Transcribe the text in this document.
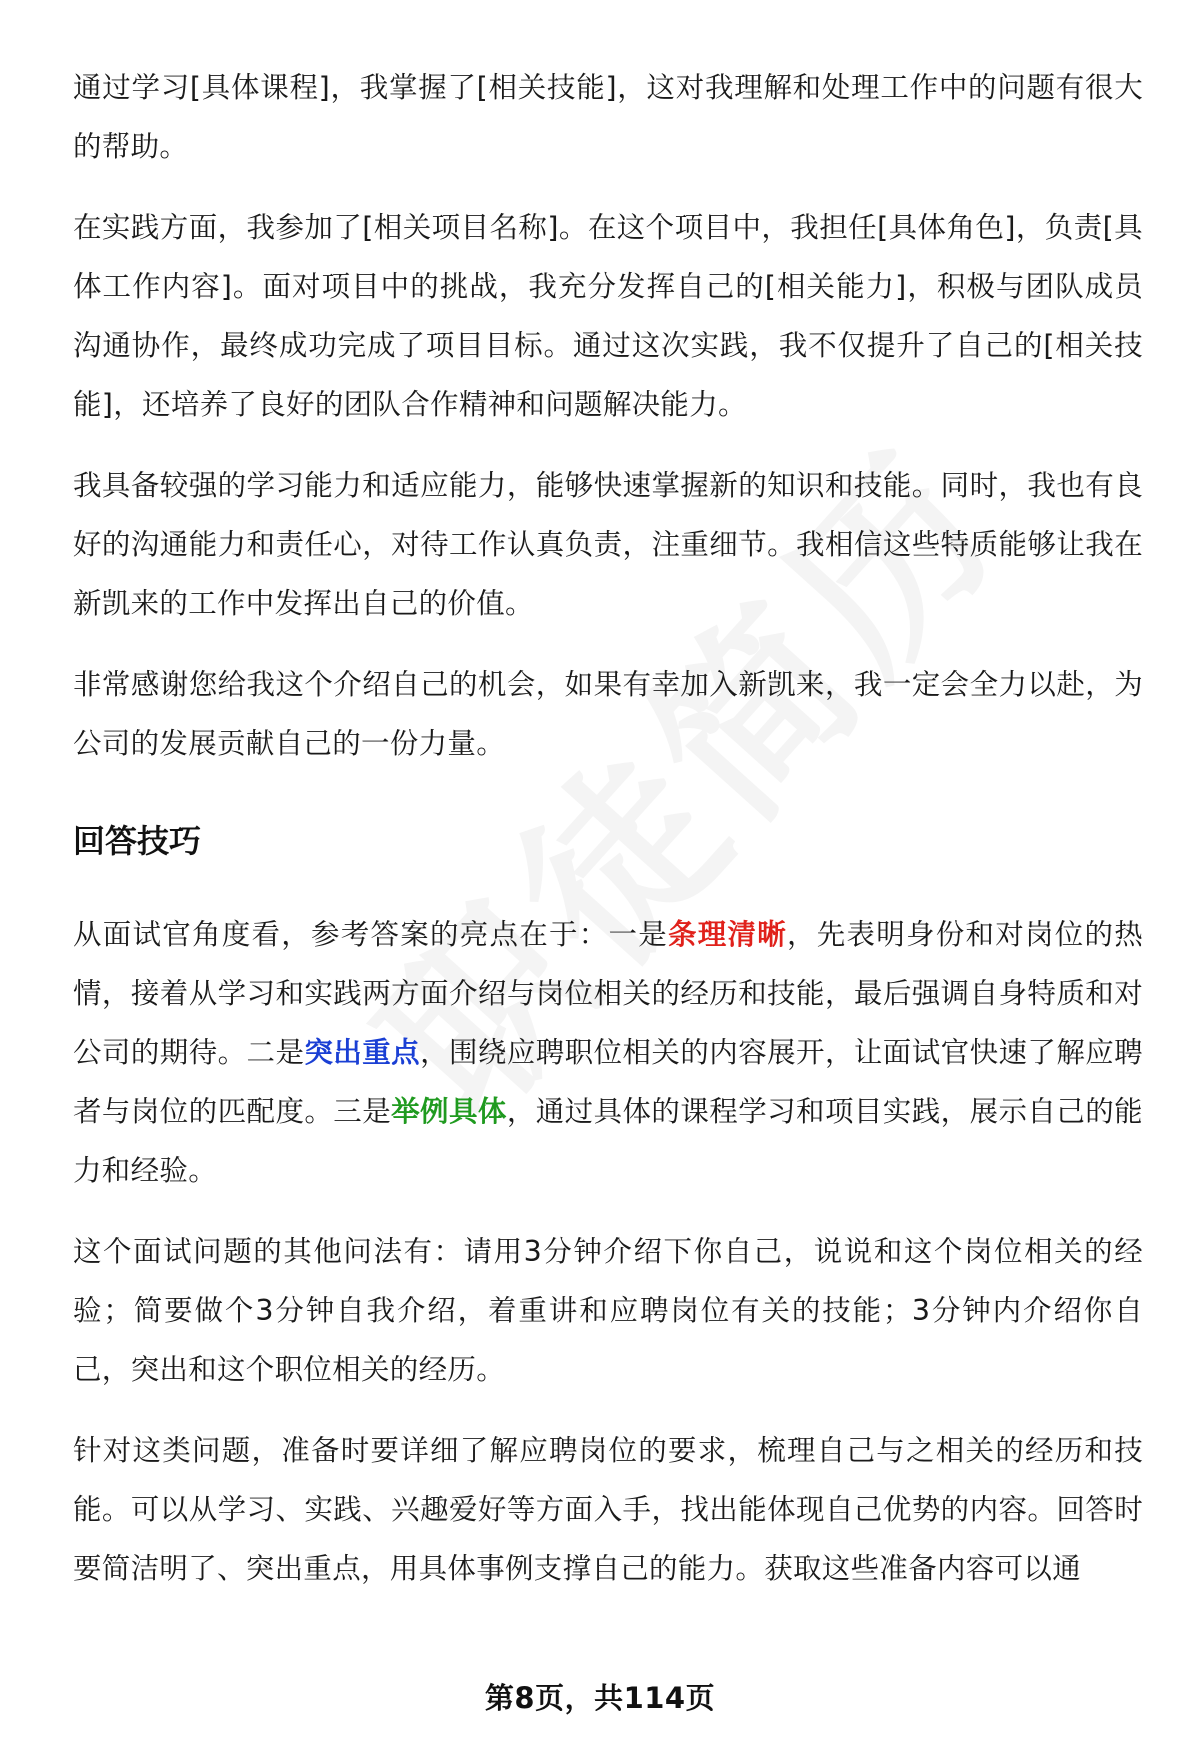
通过学习[具体课程]，我掌握了[相关技能]，这对我理解和处理工作中的问题有很大的帮助。

在实践方面，我参加了[相关项目名称]。在这个项目中，我担任[具体角色]，负责[具体工作内容]。面对项目中的挑战，我充分发挥自己的[相关能力]，积极与团队成员沟通协作，最终成功完成了项目目标。通过这次实践，我不仅提升了自己的[相关技能]，还培养了良好的团队合作精神和问题解决能力。

我具备较强的学习能力和适应能力，能够快速掌握新的知识和技能。同时，我也有良好的沟通能力和责任心，对待工作认真负责，注重细节。我相信这些特质能够让我在新凯来的工作中发挥出自己的价值。

非常感谢您给我这个介绍自己的机会，如果有幸加入新凯来，我一定会全力以赴，为公司的发展贡献自己的一份力量。

回答技巧

从面试官角度看，参考答案的亮点在于：一是条理清晰，先表明身份和对岗位的热情，接着从学习和实践两方面介绍与岗位相关的经历和技能，最后强调自身特质和对公司的期待。二是突出重点，围绕应聘职位相关的内容展开，让面试官快速了解应聘者与岗位的匹配度。三是举例具体，通过具体的课程学习和项目实践，展示自己的能力和经验。

这个面试问题的其他问法有：请用3分钟介绍下你自己，说说和这个岗位相关的经验；简要做个3分钟自我介绍，着重讲和应聘岗位有关的技能；3分钟内介绍你自己，突出和这个职位相关的经历。

针对这类问题，准备时要详细了解应聘岗位的要求，梳理自己与之相关的经历和技能。可以从学习、实践、兴趣爱好等方面入手，找出能体现自己优势的内容。回答时要简洁明了、突出重点，用具体事例支撑自己的能力。获取这些准备内容可以通

第8页，共114页
